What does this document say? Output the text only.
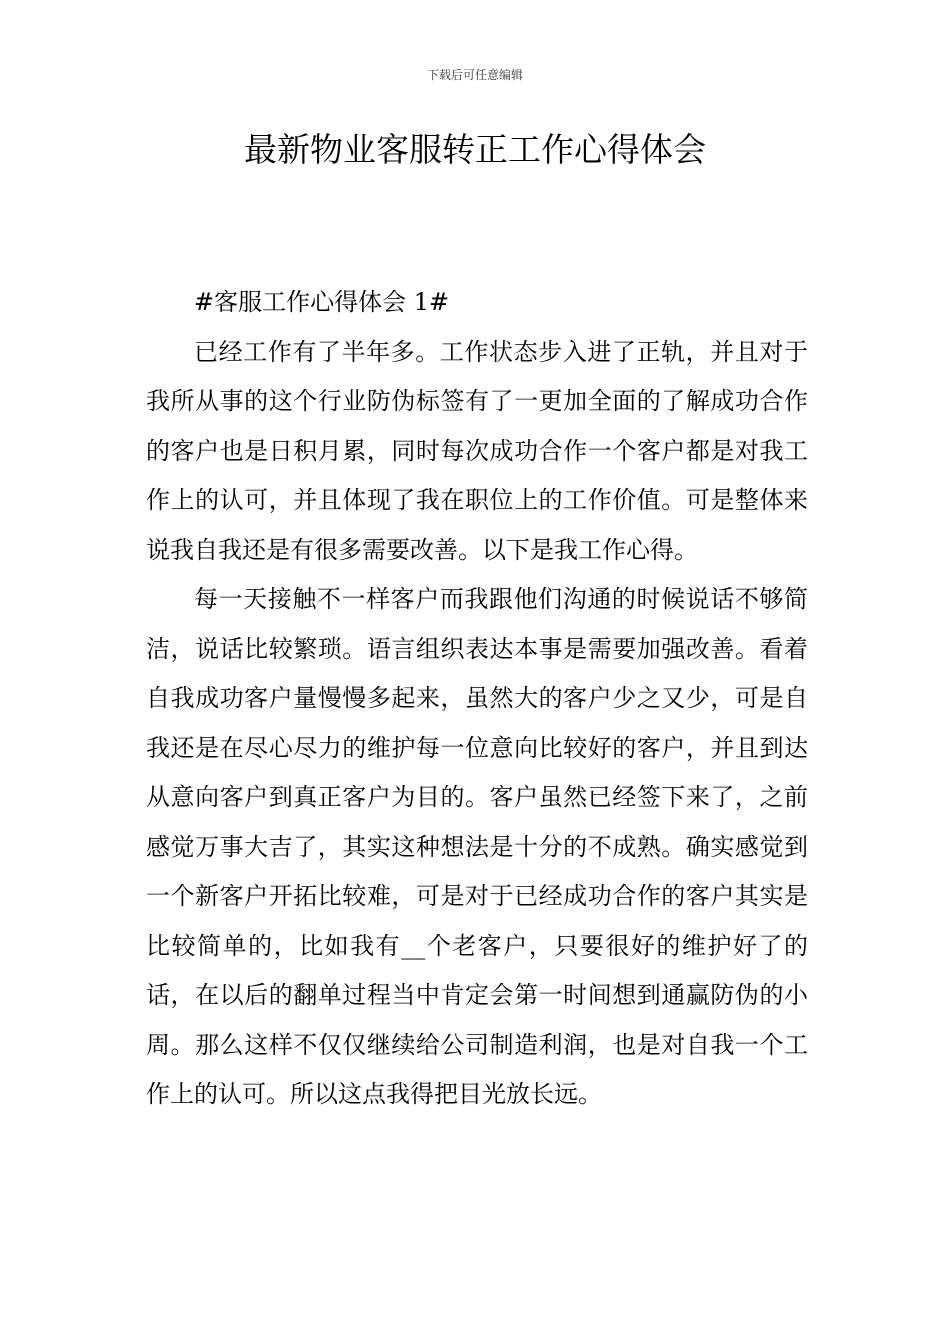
下载后可任意编辑
最新物业客服转正工作心得体会

#客服工作心得体会 1#

已经工作有了半年多。工作状态步入进了正轨，并且对于我所从事的这个行业防伪标签有了一更加全面的了解成功合作的客户也是日积月累，同时每次成功合作一个客户都是对我工作上的认可，并且体现了我在职位上的工作价值。可是整体来说我自我还是有很多需要改善。以下是我工作心得。

每一天接触不一样客户而我跟他们沟通的时候说话不够简洁，说话比较繁琐。语言组织表达本事是需要加强改善。看着自我成功客户量慢慢多起来，虽然大的客户少之又少，可是自我还是在尽心尽力的维护每一位意向比较好的客户，并且到达从意向客户到真正客户为目的。客户虽然已经签下来了，之前感觉万事大吉了，其实这种想法是十分的不成熟。确实感觉到一个新客户开拓比较难，可是对于已经成功合作的客户其实是比较简单的，比如我有__个老客户，只要很好的维护好了的话，在以后的翻单过程当中肯定会第一时间想到通赢防伪的小周。那么这样不仅仅继续给公司制造利润，也是对自我一个工作上的认可。所以这点我得把目光放长远。
